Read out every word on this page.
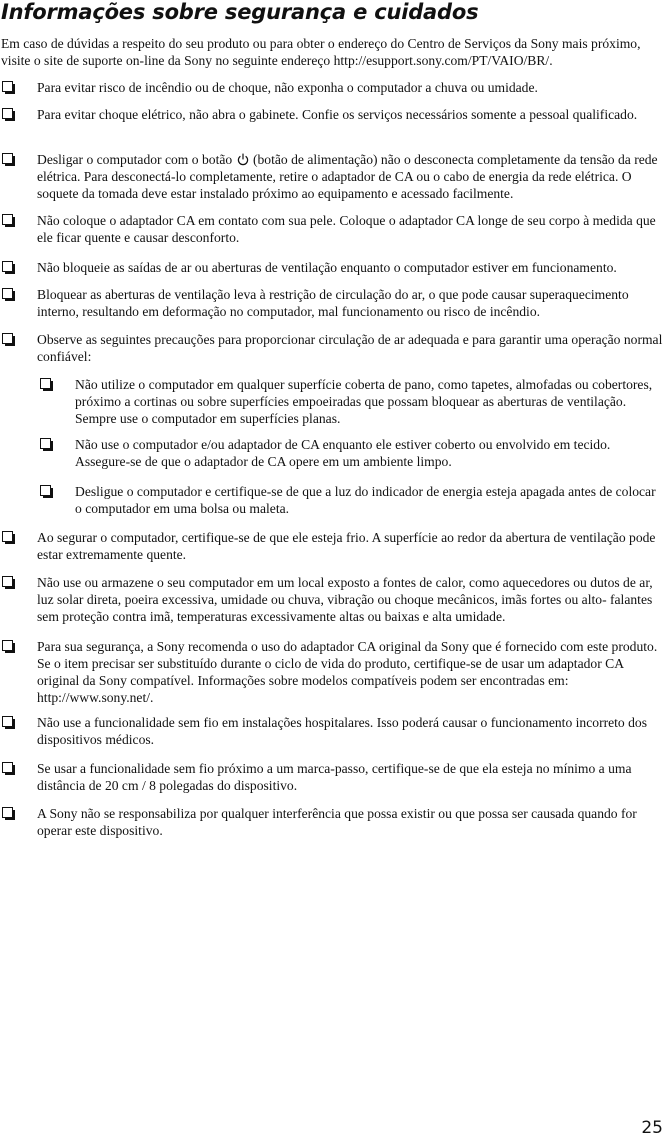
Informações sobre segurança e cuidados

Em caso de dúvidas a respeito do seu produto ou para obter o endereço do Centro de Serviços da Sony mais próximo, visite o site de suporte on-line da Sony no seguinte endereço http://esupport.sony.com/PT/VAIO/BR/.

Para evitar risco de incêndio ou de choque, não exponha o computador a chuva ou umidade.

Para evitar choque elétrico, não abra o gabinete. Confie os serviços necessários somente a pessoal qualificado.

Desligar o computador com o botão (botão de alimentação) não o desconecta completamente da tensão da rede elétrica. Para desconectá-lo completamente, retire o adaptador de CA ou o cabo de energia da rede elétrica. O soquete da tomada deve estar instalado próximo ao equipamento e acessado facilmente.

Não coloque o adaptador CA em contato com sua pele. Coloque o adaptador CA longe de seu corpo à medida que ele ficar quente e causar desconforto.

Não bloqueie as saídas de ar ou aberturas de ventilação enquanto o computador estiver em funcionamento.

Bloquear as aberturas de ventilação leva à restrição de circulação do ar, o que pode causar superaquecimento interno, resultando em deformação no computador, mal funcionamento ou risco de incêndio.

Observe as seguintes precauções para proporcionar circulação de ar adequada e para garantir uma operação normal confiável:

Não utilize o computador em qualquer superfície coberta de pano, como tapetes, almofadas ou cobertores, próximo a cortinas ou sobre superfícies empoeiradas que possam bloquear as aberturas de ventilação. Sempre use o computador em superfícies planas.

Não use o computador e/ou adaptador de CA enquanto ele estiver coberto ou envolvido em tecido. Assegure-se de que o adaptador de CA opere em um ambiente limpo.

Desligue o computador e certifique-se de que a luz do indicador de energia esteja apagada antes de colocar o computador em uma bolsa ou maleta.

Ao segurar o computador, certifique-se de que ele esteja frio. A superfície ao redor da abertura de ventilação pode estar extremamente quente.

Não use ou armazene o seu computador em um local exposto a fontes de calor, como aquecedores ou dutos de ar, luz solar direta, poeira excessiva, umidade ou chuva, vibração ou choque mecânicos, imãs fortes ou alto- falantes sem proteção contra imã, temperaturas excessivamente altas ou baixas e alta umidade.

Para sua segurança, a Sony recomenda o uso do adaptador CA original da Sony que é fornecido com este produto. Se o item precisar ser substituído durante o ciclo de vida do produto, certifique-se de usar um adaptador CA original da Sony compatível. Informações sobre modelos compatíveis podem ser encontradas em: http://www.sony.net/.

Não use a funcionalidade sem fio em instalações hospitalares. Isso poderá causar o funcionamento incorreto dos dispositivos médicos.

Se usar a funcionalidade sem fio próximo a um marca-passo, certifique-se de que ela esteja no mínimo a uma distância de 20 cm / 8 polegadas do dispositivo.

A Sony não se responsabiliza por qualquer interferência que possa existir ou que possa ser causada quando for operar este dispositivo.

25
